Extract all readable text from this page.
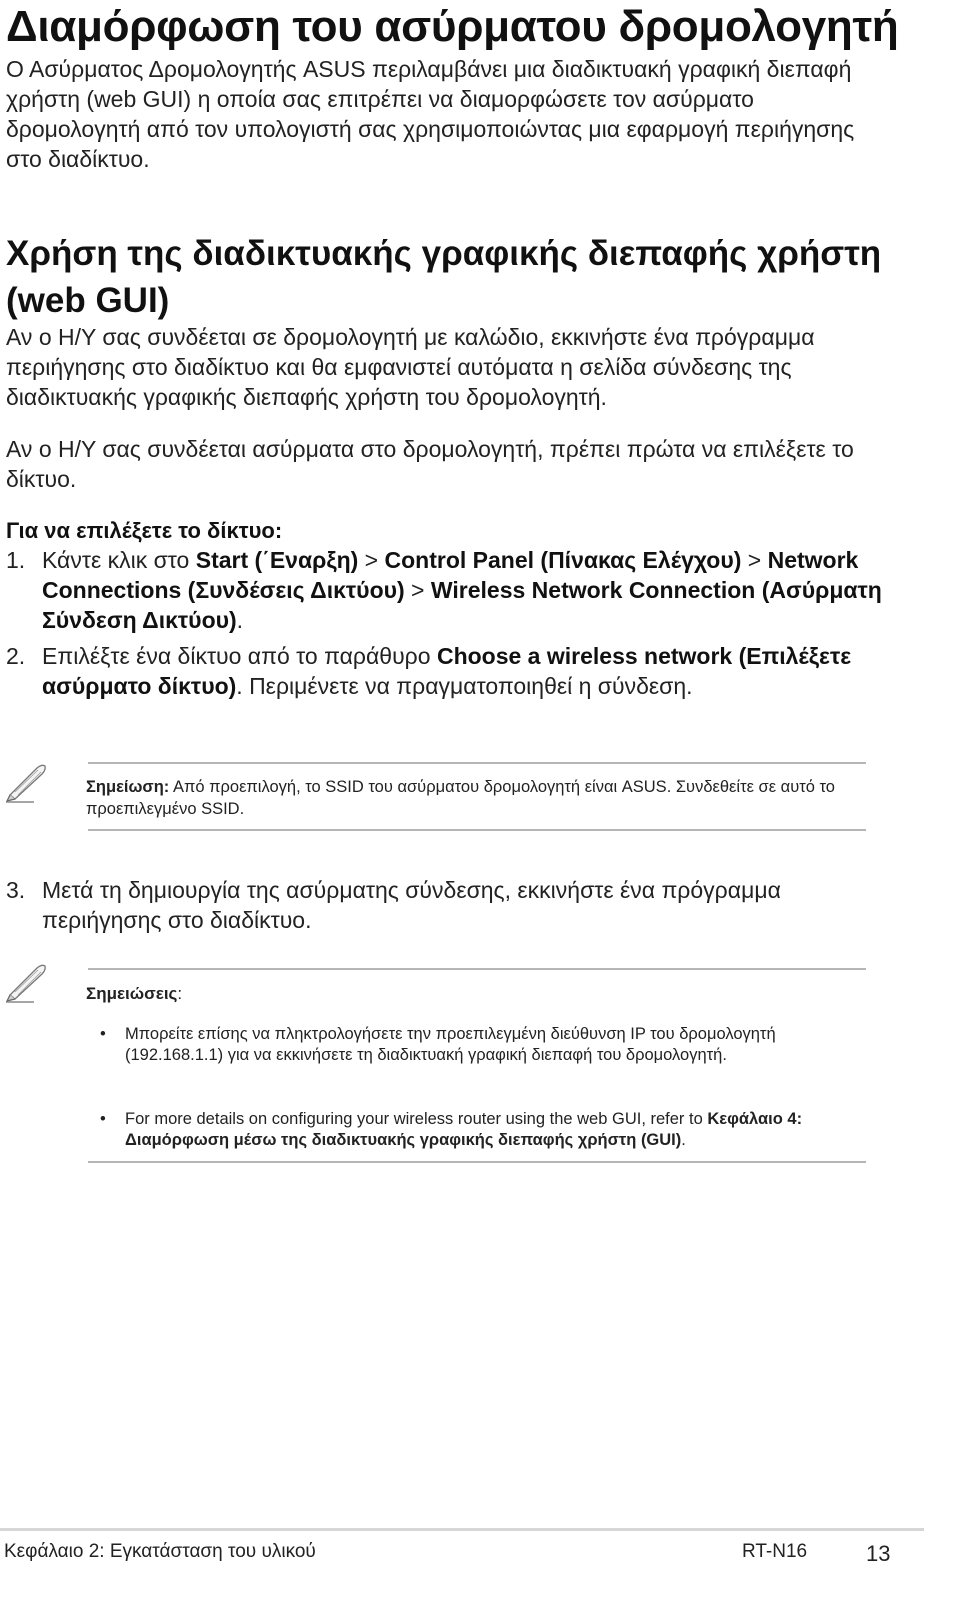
Διαμόρφωση του ασύρματου δρομολογητή

Ο Ασύρματος Δρομολογητής ASUS περιλαμβάνει μια διαδικτυακή γραφική διεπαφή χρήστη (web GUI) η οποία σας επιτρέπει να διαμορφώσετε τον ασύρματο δρομολογητή από τον υπολογιστή σας χρησιμοποιώντας μια εφαρμογή περιήγησης στο διαδίκτυο.

Χρήση της διαδικτυακής γραφικής διεπαφής χρήστη (web GUI)

Αν ο Η/Υ σας συνδέεται σε δρομολογητή με καλώδιο, εκκινήστε ένα πρόγραμμα περιήγησης στο διαδίκτυο και θα εμφανιστεί αυτόματα η σελίδα σύνδεσης της διαδικτυακής γραφικής διεπαφής χρήστη του δρομολογητή.

Αν ο Η/Υ σας συνδέεται ασύρματα στο δρομολογητή, πρέπει πρώτα να επιλέξετε το δίκτυο.

Για να επιλέξετε το δίκτυο:
1. Κάντε κλικ στο Start (΄Εναρξη) > Control Panel (Πίνακας Ελέγχου) > Network Connections (Συνδέσεις Δικτύου) > Wireless Network Connection (Ασύρματη Σύνδεση Δικτύου).
2. Επιλέξτε ένα δίκτυο από το παράθυρο Choose a wireless network (Επιλέξετε ασύρματο δίκτυο). Περιμένετε να πραγματοποιηθεί η σύνδεση.
Σημείωση: Από προεπιλογή, το SSID του ασύρματου δρομολογητή είναι ASUS. Συνδεθείτε σε αυτό το προεπιλεγμένο SSID.
3. Μετά τη δημιουργία της ασύρματης σύνδεσης, εκκινήστε ένα πρόγραμμα περιήγησης στο διαδίκτυο.
Σημειώσεις:
• Μπορείτε επίσης να πληκτρολογήσετε την προεπιλεγμένη διεύθυνση IP του δρομολογητή (192.168.1.1) για να εκκινήσετε τη διαδικτυακή γραφική διεπαφή του δρομολογητή.
• For more details on configuring your wireless router using the web GUI, refer to Κεφάλαιο 4: Διαμόρφωση μέσω της διαδικτυακής γραφικής διεπαφής χρήστη (GUI).
Κεφάλαιο 2: Εγκατάσταση του υλικού	RT-N16	13
